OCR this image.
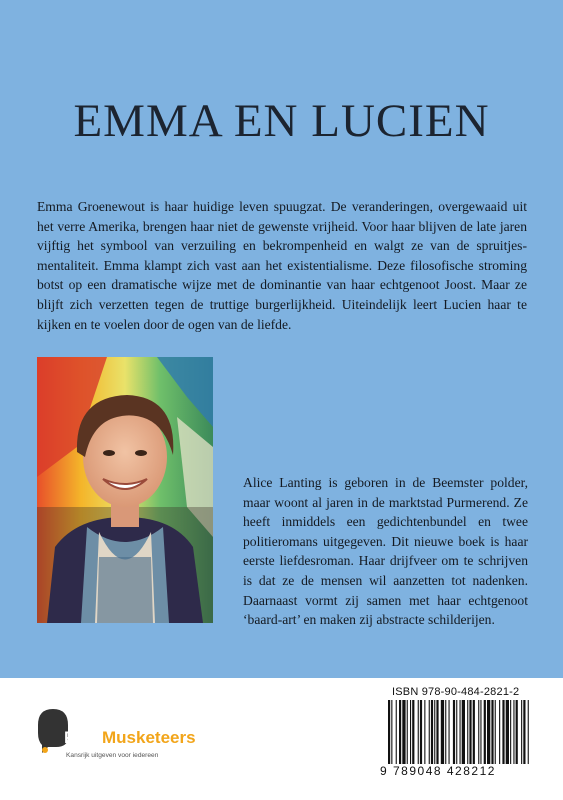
EMMA EN LUCIEN

Emma Groenewout is haar huidige leven spuugzat. De veranderingen, overgewaaid uit het verre Amerika, brengen haar niet de gewenste vrijheid. Voor haar blijven de late jaren vijftig het symbool van verzuiling en bekrompenheid en walgt ze van de spruitjesmentaliteit. Emma klampt zich vast aan het existentialisme. Deze filosofische stroming botst op een dramatische wijze met de dominantie van haar echtgenoot Joost. Maar ze blijft zich verzetten tegen de truttige burgerlijkheid. Uiteindelijk leert Lucien haar te kijken en te voelen door de ogen van de liefde.

Alice Lanting is geboren in de Beemster polder, maar woont al jaren in de marktstad Purmerend. Ze heeft inmiddels een gedichtenbundel en twee politieromans uitgegeven. Dit nieuwe boek is haar eerste liefdesroman. Haar drijfveer om te schrijven is dat ze de mensen wil aanzetten tot nadenken. Daarnaast vormt zij samen met haar echtgenoot ‘baard-art’ en maken zij abstracte schilderijen.

Free Musketeers
Kansrijk uitgeven voor iedereen
ISBN 978-90-484-2821-2
9 789048 428212
